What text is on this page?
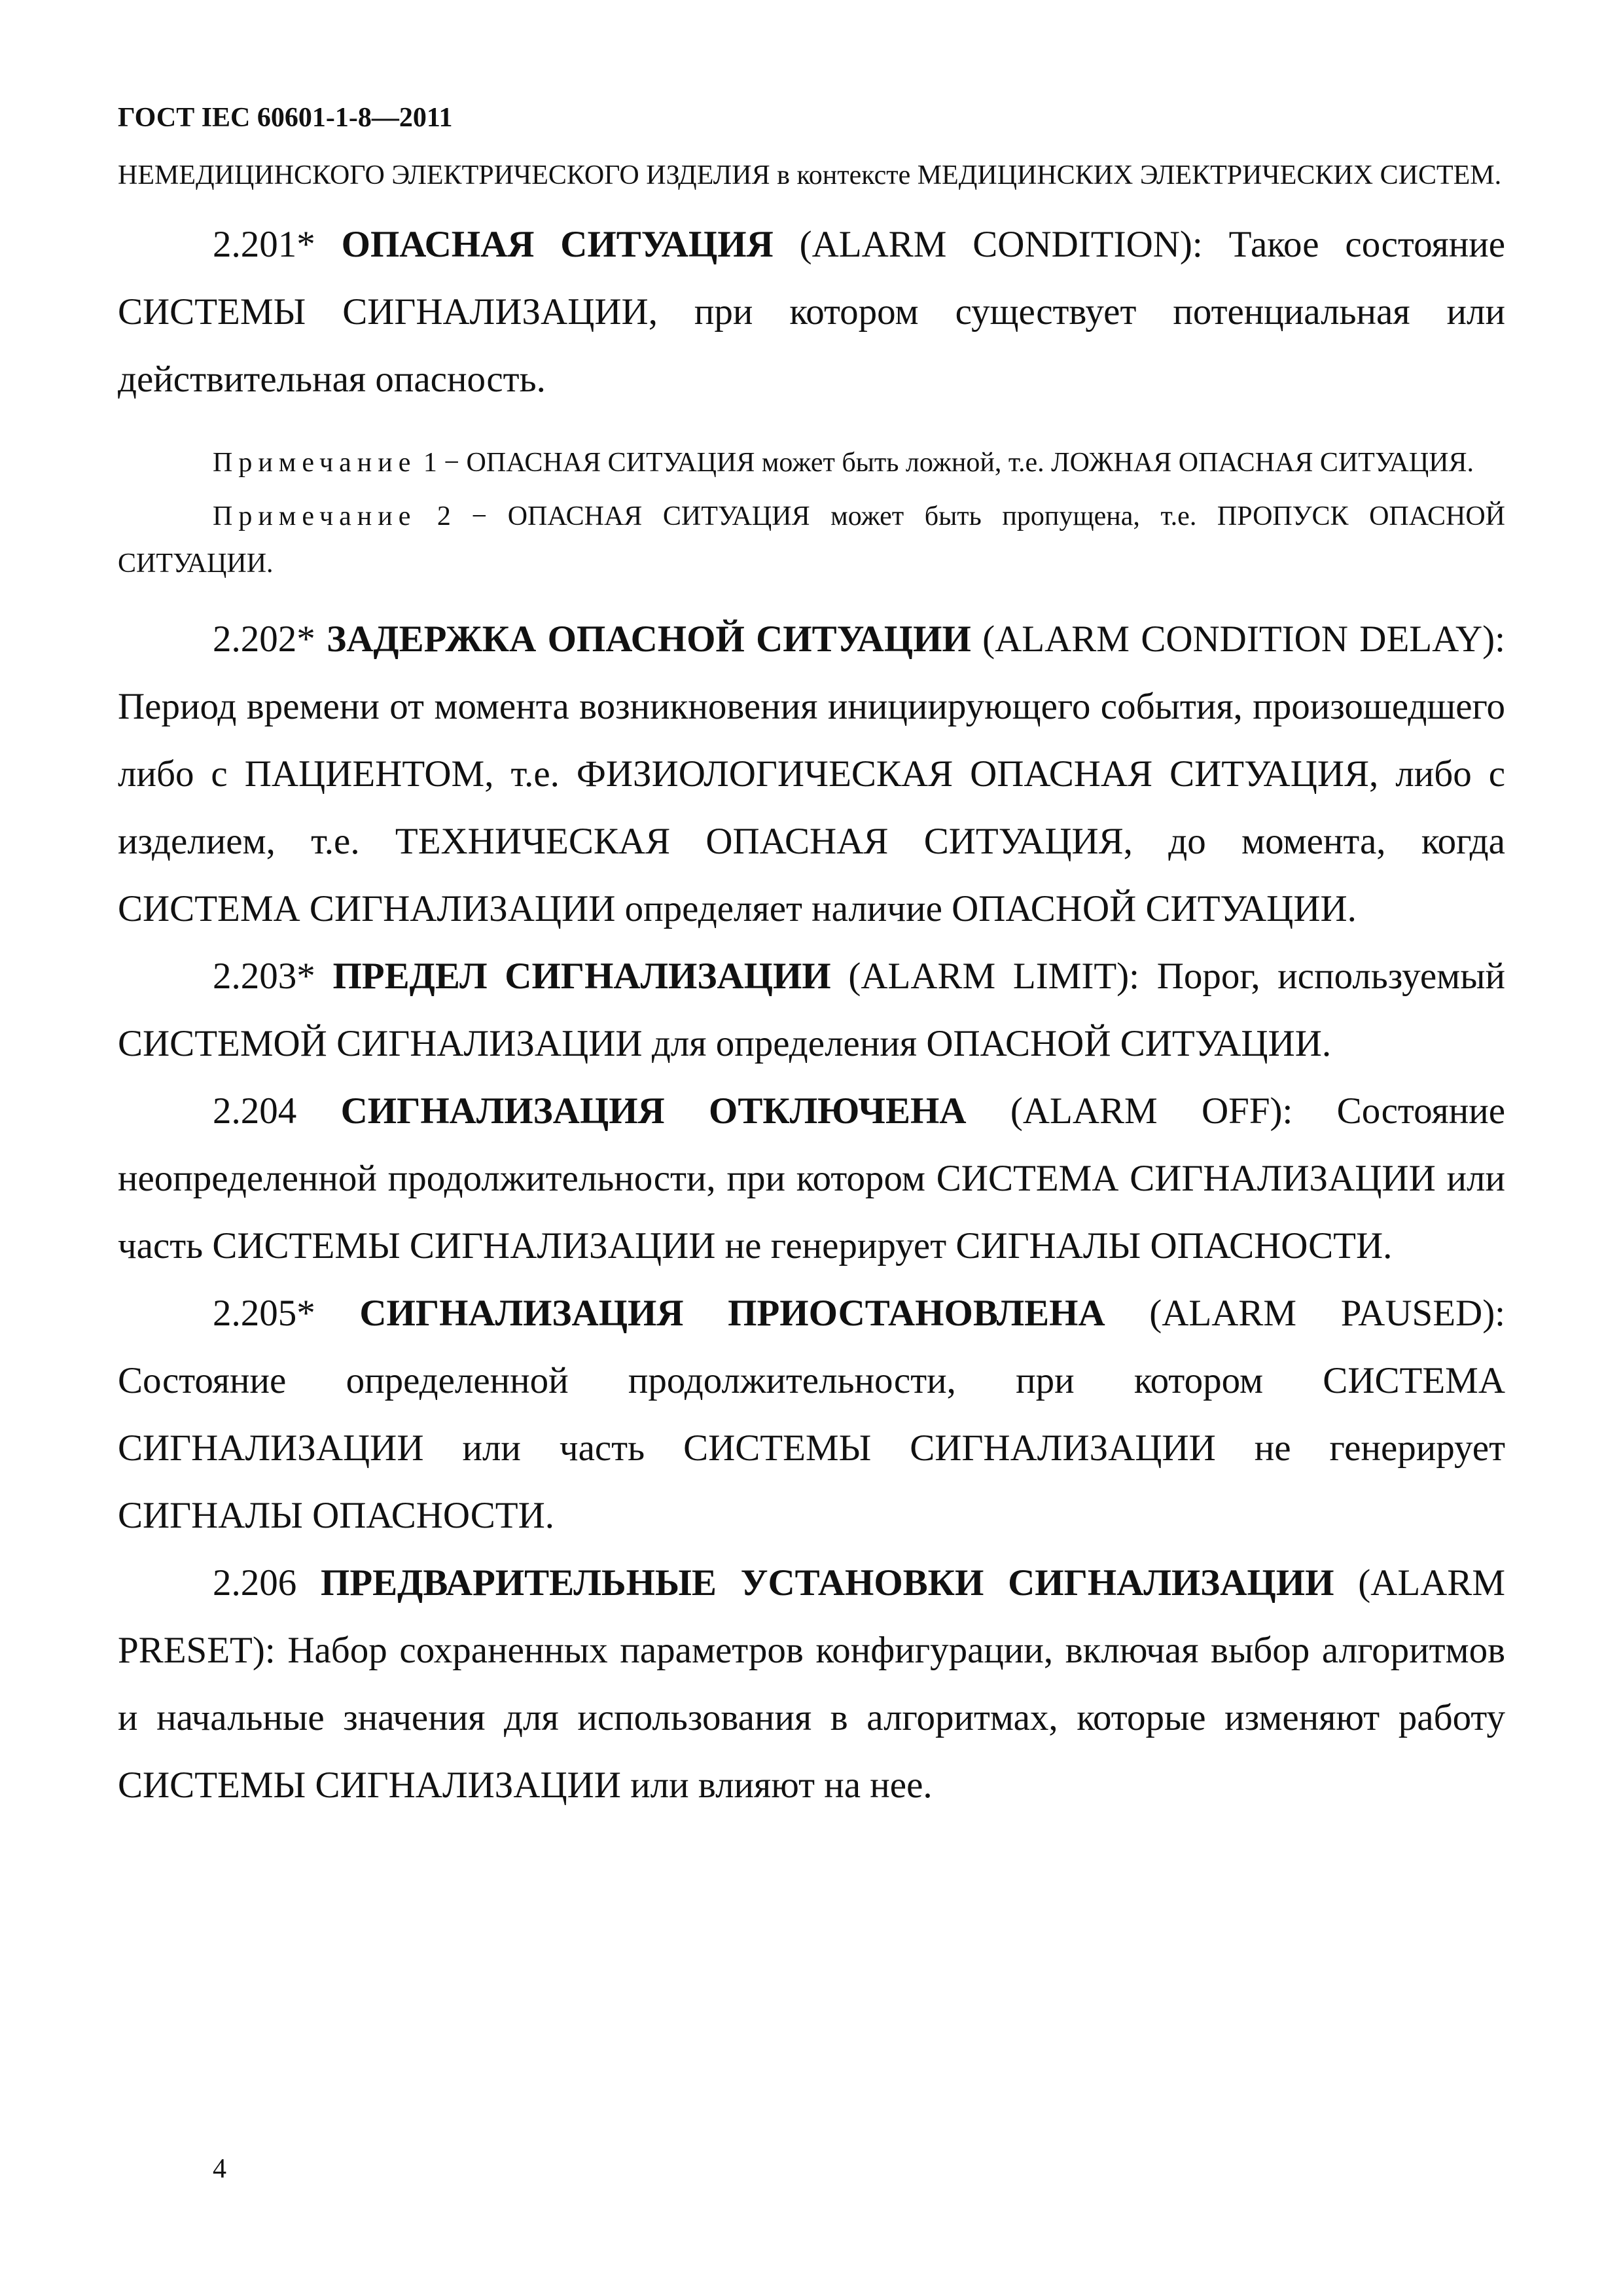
ГОСТ IEC 60601-1-8—2011

НЕМЕДИЦИНСКОГО ЭЛЕКТРИЧЕСКОГО ИЗДЕЛИЯ в контексте МЕДИЦИНСКИХ ЭЛЕКТРИЧЕСКИХ СИСТЕМ.

2.201* ОПАСНАЯ СИТУАЦИЯ (ALARM CONDITION): Такое состояние СИСТЕМЫ СИГНАЛИЗАЦИИ, при котором существует потенциальная или действительная опасность.

Примечание 1 − ОПАСНАЯ СИТУАЦИЯ может быть ложной, т.е. ЛОЖНАЯ ОПАСНАЯ СИТУАЦИЯ.

Примечание 2 − ОПАСНАЯ СИТУАЦИЯ может быть пропущена, т.е. ПРОПУСК ОПАСНОЙ СИТУАЦИИ.

2.202* ЗАДЕРЖКА ОПАСНОЙ СИТУАЦИИ (ALARM CONDITION DELAY): Период времени от момента возникновения инициирующего события, произошедшего либо с ПАЦИЕНТОМ, т.е. ФИЗИОЛОГИЧЕСКАЯ ОПАСНАЯ СИТУАЦИЯ, либо с изделием, т.е. ТЕХНИЧЕСКАЯ ОПАСНАЯ СИТУАЦИЯ, до момента, когда СИСТЕМА СИГНАЛИЗАЦИИ определяет наличие ОПАСНОЙ СИТУАЦИИ.

2.203* ПРЕДЕЛ СИГНАЛИЗАЦИИ (ALARM LIMIT): Порог, используемый СИСТЕМОЙ СИГНАЛИЗАЦИИ для определения ОПАСНОЙ СИТУАЦИИ.

2.204 СИГНАЛИЗАЦИЯ ОТКЛЮЧЕНА (ALARM OFF): Состояние неопределенной продолжительности, при котором СИСТЕМА СИГНАЛИЗАЦИИ или часть СИСТЕМЫ СИГНАЛИЗАЦИИ не генерирует СИГНАЛЫ ОПАСНОСТИ.

2.205* СИГНАЛИЗАЦИЯ ПРИОСТАНОВЛЕНА (ALARM PAUSED): Состояние определенной продолжительности, при котором СИСТЕМА СИГНАЛИЗАЦИИ или часть СИСТЕМЫ СИГНАЛИЗАЦИИ не генерирует СИГНАЛЫ ОПАСНОСТИ.

2.206 ПРЕДВАРИТЕЛЬНЫЕ УСТАНОВКИ СИГНАЛИЗАЦИИ (ALARM PRESET): Набор сохраненных параметров конфигурации, включая выбор алгоритмов и начальные значения для использования в алгоритмах, которые изменяют работу СИСТЕМЫ СИГНАЛИЗАЦИИ или влияют на нее.

4
